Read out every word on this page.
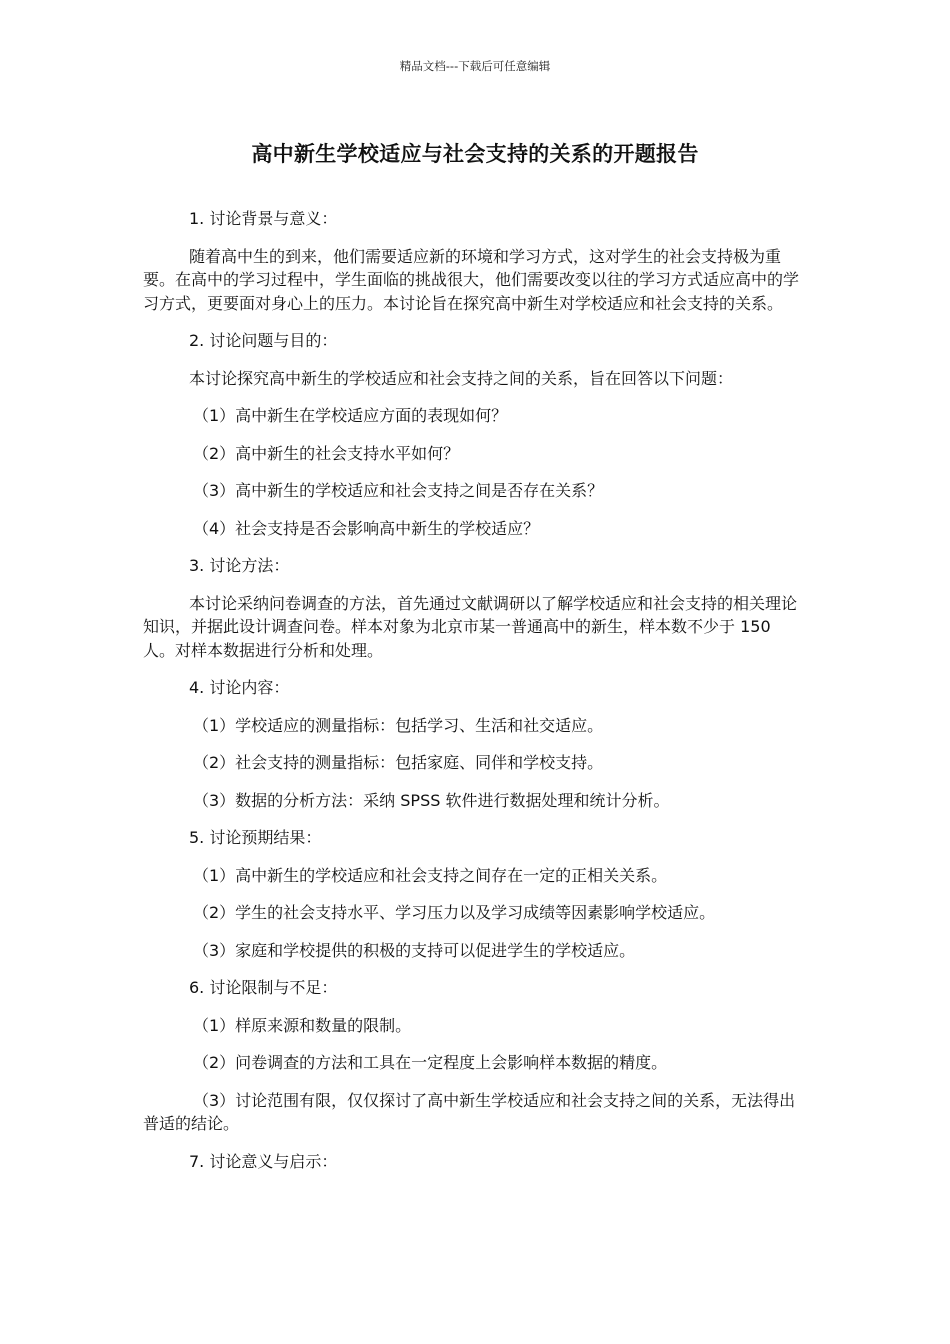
精品文档---下载后可任意编辑
高中新生学校适应与社会支持的关系的开题报告

1. 讨论背景与意义：

随着高中生的到来，他们需要适应新的环境和学习方式，这对学生的社会支持极为重要。在高中的学习过程中，学生面临的挑战很大，他们需要改变以往的学习方式适应高中的学习方式，更要面对身心上的压力。本讨论旨在探究高中新生对学校适应和社会支持的关系。

2. 讨论问题与目的：

本讨论探究高中新生的学校适应和社会支持之间的关系，旨在回答以下问题：

（1）高中新生在学校适应方面的表现如何？

（2）高中新生的社会支持水平如何？

（3）高中新生的学校适应和社会支持之间是否存在关系？

（4）社会支持是否会影响高中新生的学校适应？

3. 讨论方法：

本讨论采纳问卷调查的方法，首先通过文献调研以了解学校适应和社会支持的相关理论知识，并据此设计调查问卷。样本对象为北京市某一普通高中的新生，样本数不少于 150 人。对样本数据进行分析和处理。

4. 讨论内容：

（1）学校适应的测量指标：包括学习、生活和社交适应。

（2）社会支持的测量指标：包括家庭、同伴和学校支持。

（3）数据的分析方法：采纳 SPSS 软件进行数据处理和统计分析。

5. 讨论预期结果：

（1）高中新生的学校适应和社会支持之间存在一定的正相关关系。

（2）学生的社会支持水平、学习压力以及学习成绩等因素影响学校适应。

（3）家庭和学校提供的积极的支持可以促进学生的学校适应。

6. 讨论限制与不足：

（1）样原来源和数量的限制。

（2）问卷调查的方法和工具在一定程度上会影响样本数据的精度。

（3）讨论范围有限，仅仅探讨了高中新生学校适应和社会支持之间的关系，无法得出普适的结论。

7. 讨论意义与启示：
